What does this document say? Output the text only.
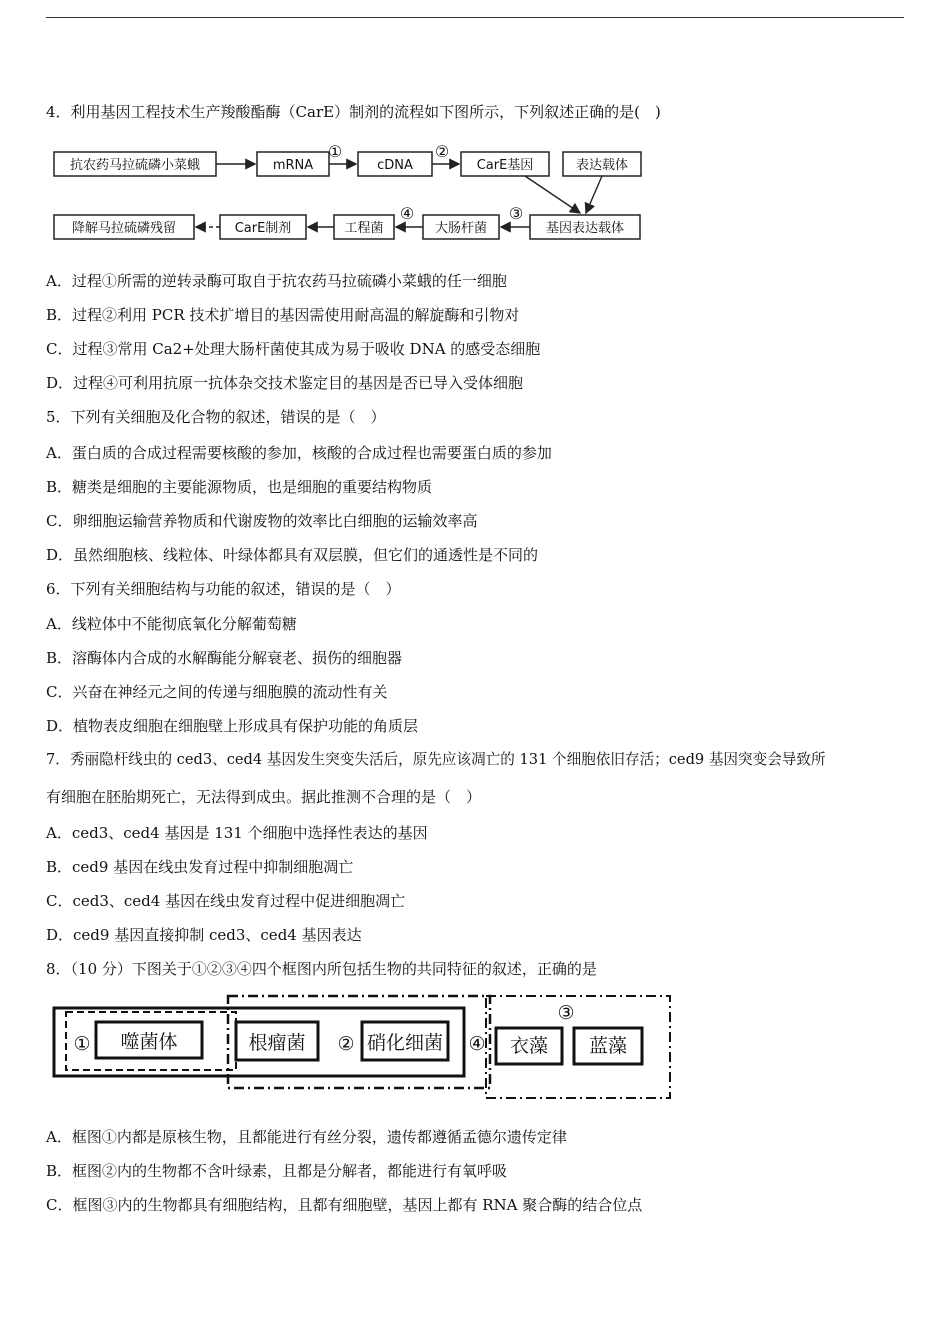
4．利用基因工程技术生产羧酸酯酶（CarE）制剂的流程如下图所示，下列叙述正确的是(　)
抗农药马拉硫磷小菜蛾	mRNA	cDNA	CarE基因	表达载体
基因表达载体
大肠杆菌
工程菌
CarE制剂
降解马拉硫磷残留
①	②
③
④
A．过程①所需的逆转录酶可取自于抗农药马拉硫磷小菜蛾的任一细胞
B．过程②利用 PCR 技术扩增目的基因需使用耐高温的解旋酶和引物对
C．过程③常用 Ca2+处理大肠杆菌使其成为易于吸收 DNA 的感受态细胞
D．过程④可利用抗原一抗体杂交技术鉴定目的基因是否已导入受体细胞
5．下列有关细胞及化合物的叙述，错误的是（　）
A．蛋白质的合成过程需要核酸的参加，核酸的合成过程也需要蛋白质的参加
B．糖类是细胞的主要能源物质，也是细胞的重要结构物质
C．卵细胞运输营养物质和代谢废物的效率比白细胞的运输效率高
D．虽然细胞核、线粒体、叶绿体都具有双层膜，但它们的通透性是不同的
6．下列有关细胞结构与功能的叙述，错误的是（　）
A．线粒体中不能彻底氧化分解葡萄糖
B．溶酶体内合成的水解酶能分解衰老、损伤的细胞器
C．兴奋在神经元之间的传递与细胞膜的流动性有关
D．植物表皮细胞在细胞壁上形成具有保护功能的角质层
7．秀丽隐杆线虫的 ced3、ced4 基因发生突变失活后，原先应该凋亡的 131 个细胞依旧存活；ced9 基因突变会导致所
有细胞在胚胎期死亡，无法得到成虫。据此推测不合理的是（　）
A．ced3、ced4 基因是 131 个细胞中选择性表达的基因
B．ced9 基因在线虫发育过程中抑制细胞凋亡
C．ced3、ced4 基因在线虫发育过程中促进细胞凋亡
D．ced9 基因直接抑制 ced3、ced4 基因表达
8．（10 分）下图关于①②③④四个框图内所包括生物的共同特征的叙述，正确的是
噬菌体	根瘤菌	硝化细菌	衣藻 蓝藻
①	②
③
④
A．框图①内都是原核生物，且都能进行有丝分裂，遗传都遵循孟德尔遗传定律
B．框图②内的生物都不含叶绿素，且都是分解者，都能进行有氧呼吸
C．框图③内的生物都具有细胞结构，且都有细胞壁，基因上都有 RNA 聚合酶的结合位点
